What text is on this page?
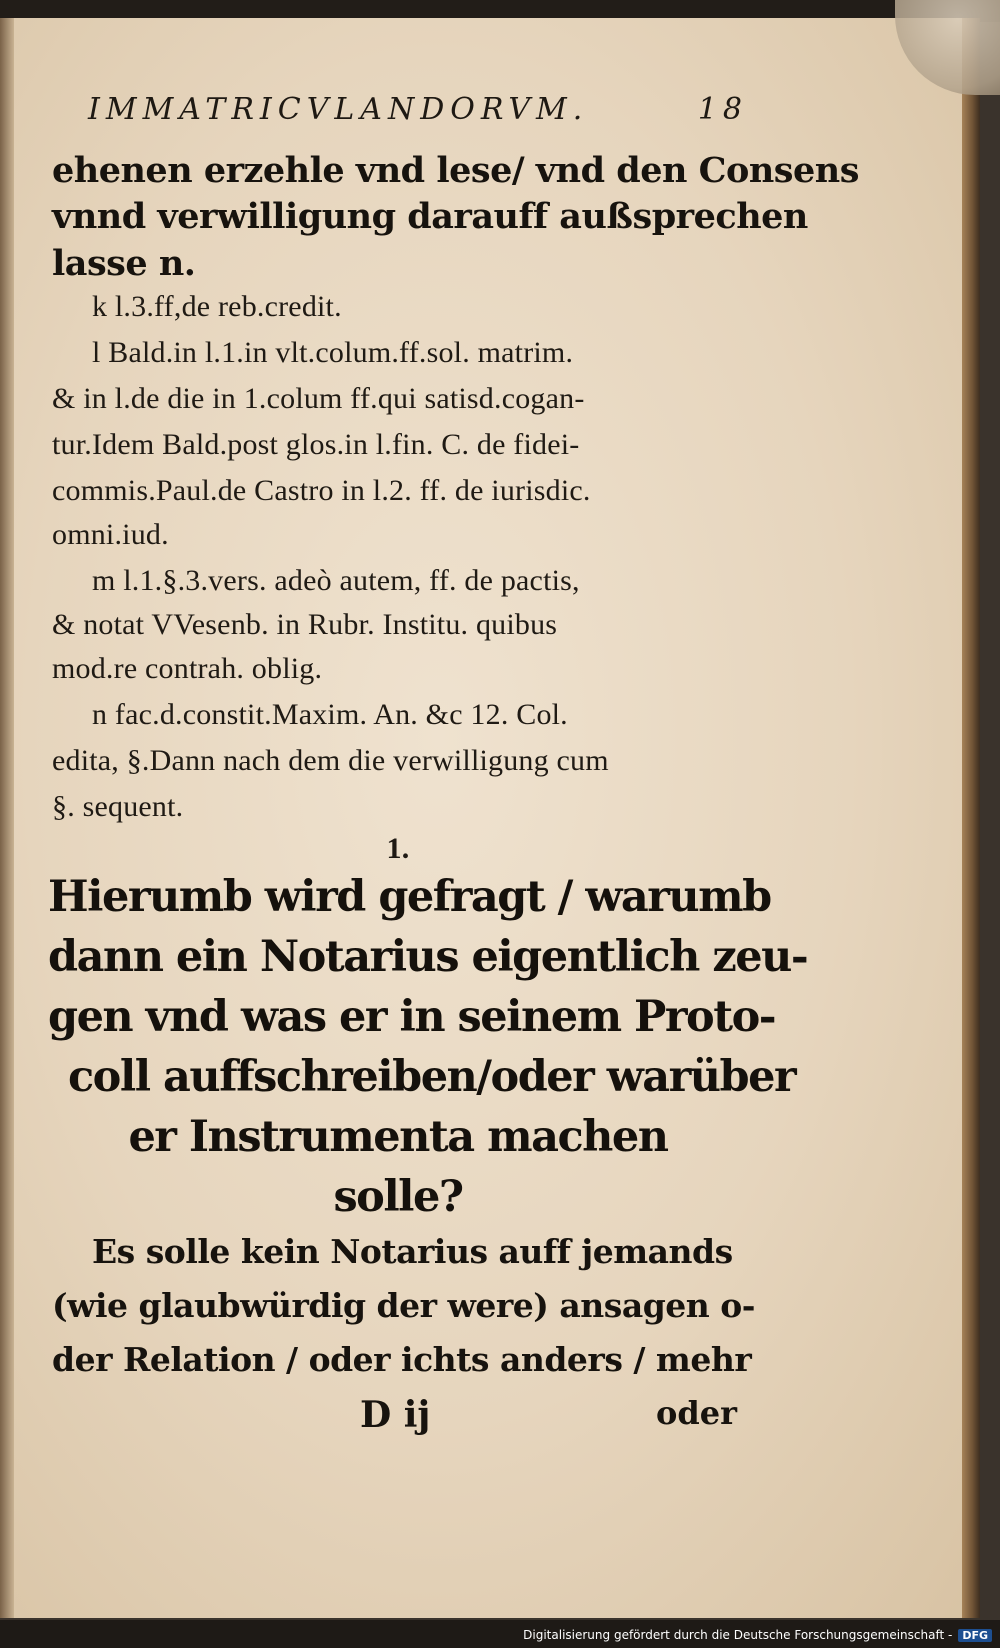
IMMATRICVLANDORVM.	18
ehenen erzehle vnd lese/ vnd den Consens
vnnd verwilligung darauff außsprechen
lasse n.
k l.3.ff,de reb.credit.
l Bald.in l.1.in vlt.colum.ff.sol. matrim.
& in l.de die in 1.colum ff.qui satisd.cogan-
tur.Idem Bald.post glos.in l.fin. C. de fidei-
commis.Paul.de Castro in l.2. ff. de iurisdic.
omni.iud.
m l.1.§.3.vers. adeò autem, ff. de pactis,
& notat VVesenb. in Rubr. Institu. quibus
mod.re contrah. oblig.
n fac.d.constit.Maxim. An. &c 12. Col.
edita, §.Dann nach dem die verwilligung cum
§. sequent.
1.
Hierumb wird gefragt / warumb
dann ein Notarius eigentlich zeu-
gen vnd was er in seinem Proto-
coll auffschreiben/oder warüber
er Instrumenta machen
solle?
Es solle kein Notarius auff jemands
(wie glaubwürdig der were) ansagen o-
der Relation / oder ichts anders / mehr
D ij	oder
Digitalisierung gefördert durch die Deutsche Forschungsgemeinschaft - DFG
